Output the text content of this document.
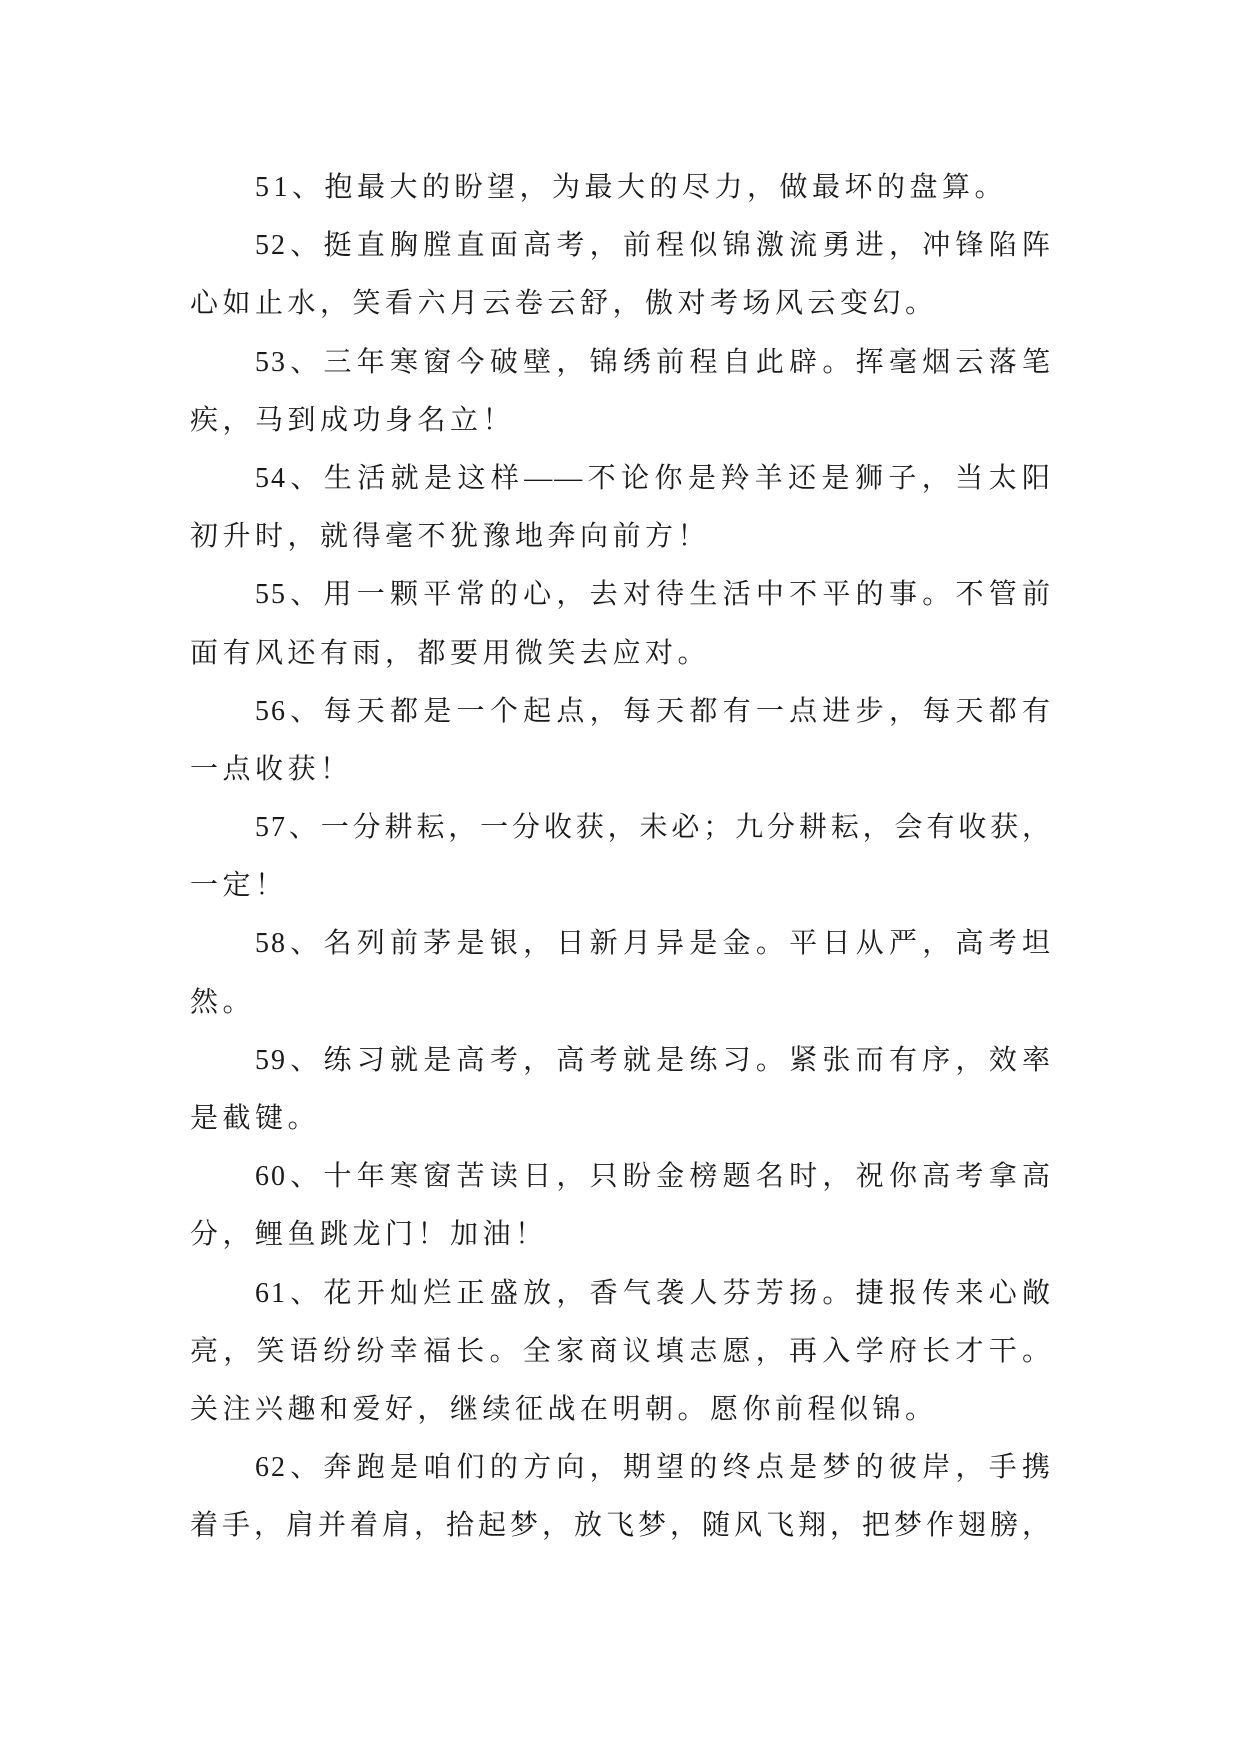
51、抱最大的盼望，为最大的尽力，做最坏的盘算。
52、挺直胸膛直面高考，前程似锦激流勇进，冲锋陷阵
心如止水，笑看六月云卷云舒，傲对考场风云变幻。
53、三年寒窗今破壁，锦绣前程自此辟。挥毫烟云落笔
疾，马到成功身名立！
54、生活就是这样——不论你是羚羊还是狮子，当太阳
初升时，就得毫不犹豫地奔向前方！
55、用一颗平常的心，去对待生活中不平的事。不管前
面有风还有雨，都要用微笑去应对。
56、每天都是一个起点，每天都有一点进步，每天都有
一点收获！
57、一分耕耘，一分收获，未必；九分耕耘，会有收获，
一定！
58、名列前茅是银，日新月异是金。平日从严，高考坦
然。
59、练习就是高考，高考就是练习。紧张而有序，效率
是截键。
60、十年寒窗苦读日，只盼金榜题名时，祝你高考拿高
分，鲤鱼跳龙门！加油！
61、花开灿烂正盛放，香气袭人芬芳扬。捷报传来心敞
亮，笑语纷纷幸福长。全家商议填志愿，再入学府长才干。
关注兴趣和爱好，继续征战在明朝。愿你前程似锦。
62、奔跑是咱们的方向，期望的终点是梦的彼岸，手携
着手，肩并着肩，拾起梦，放飞梦，随风飞翔，把梦作翅膀，
